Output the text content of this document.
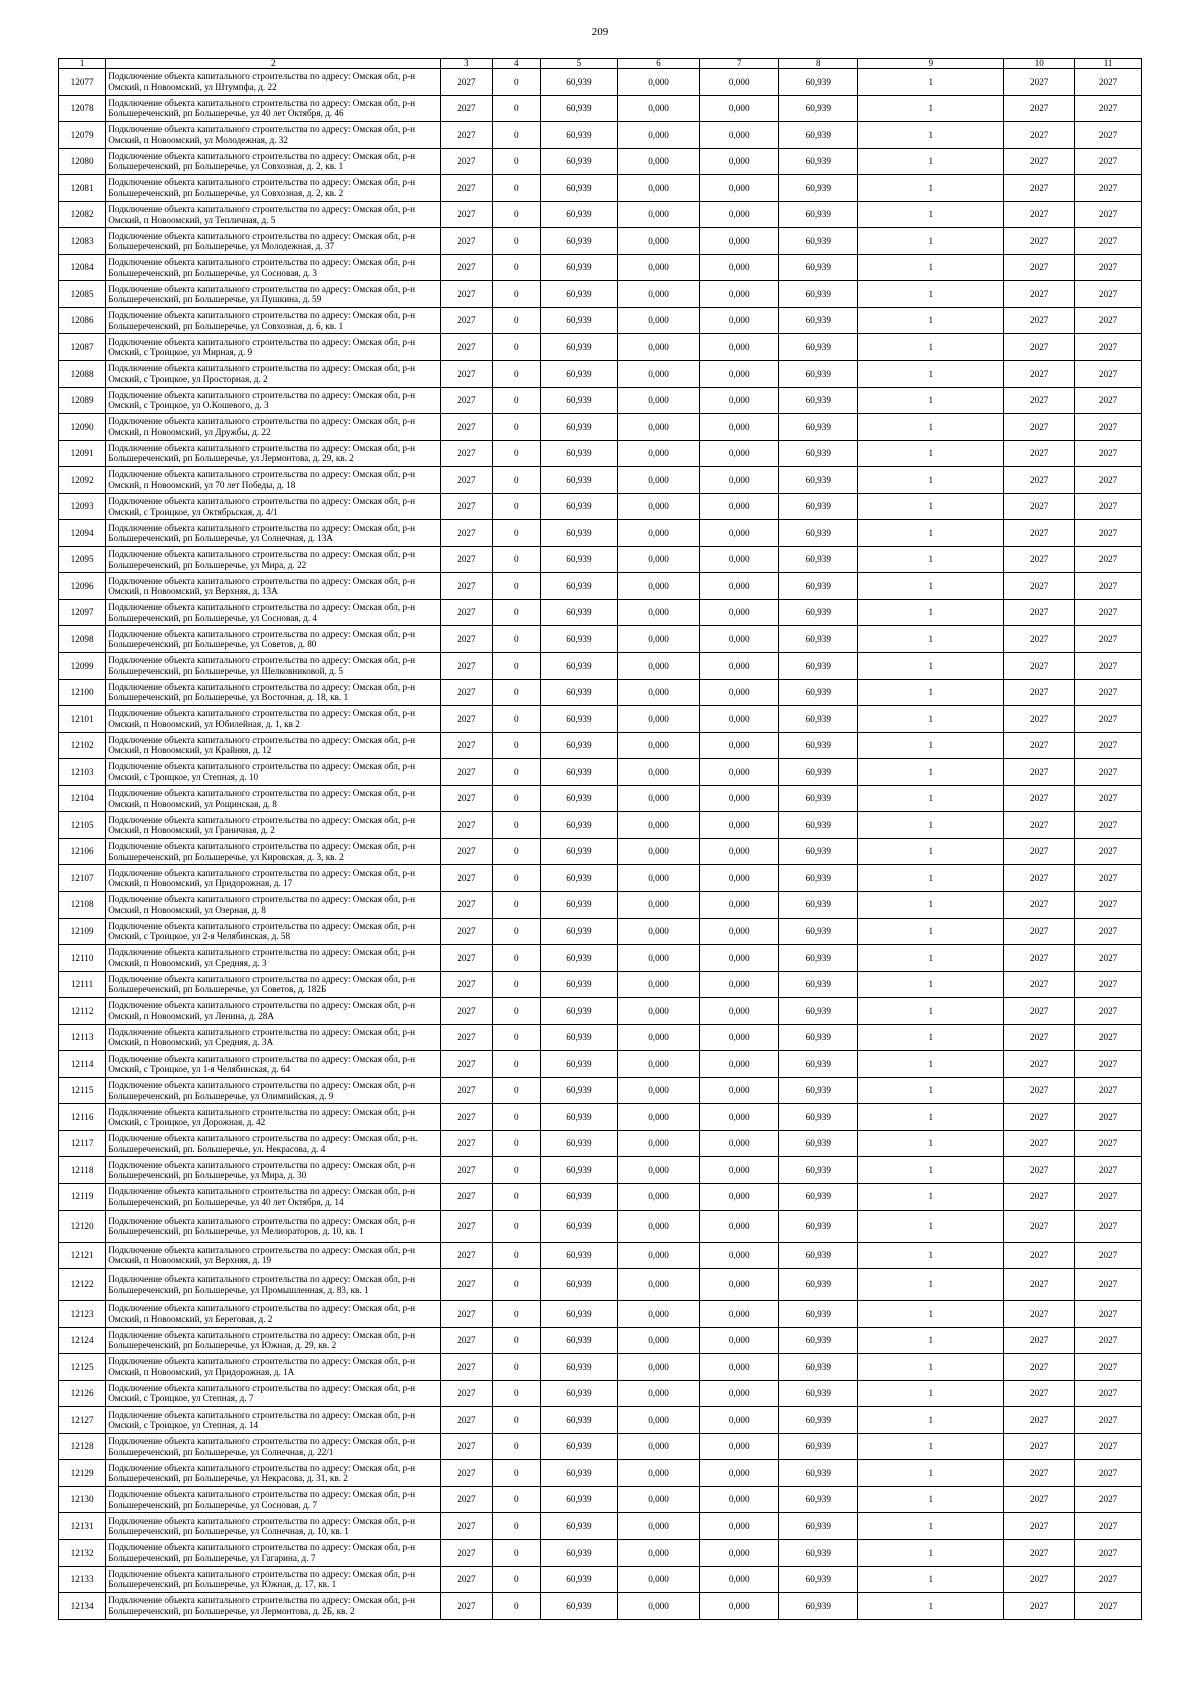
209
1	2	3	4	5	6	7	8	9	10	11
12077	Подключение объекта капитального строительства по адресу: Омская обл, р-н Омский, п Новоомский, ул Штумпфа, д. 22	2027	0	60,939	0,000	0,000	60,939	1	2027	2027
12078	Подключение объекта капитального строительства по адресу: Омская обл, р-н Большереченский, рп Большеречье, ул 40 лет Октября, д. 46	2027	0	60,939	0,000	0,000	60,939	1	2027	2027
12079	Подключение объекта капитального строительства по адресу: Омская обл, р-н Омский, п Новоомский, ул Молодежная, д. 32	2027	0	60,939	0,000	0,000	60,939	1	2027	2027
12080	Подключение объекта капитального строительства по адресу: Омская обл, р-н Большереченский, рп Большеречье, ул Совхозная, д. 2, кв. 1	2027	0	60,939	0,000	0,000	60,939	1	2027	2027
12081	Подключение объекта капитального строительства по адресу: Омская обл, р-н Большереченский, рп Большеречье, ул Совхозная, д. 2, кв. 2	2027	0	60,939	0,000	0,000	60,939	1	2027	2027
12082	Подключение объекта капитального строительства по адресу: Омская обл, р-н Омский, п Новоомский, ул Тепличная, д. 5	2027	0	60,939	0,000	0,000	60,939	1	2027	2027
12083	Подключение объекта капитального строительства по адресу: Омская обл, р-н Большереченский, рп Большеречье, ул Молодежная, д. 37	2027	0	60,939	0,000	0,000	60,939	1	2027	2027
12084	Подключение объекта капитального строительства по адресу: Омская обл, р-н Большереченский, рп Большеречье, ул Сосновая, д. 3	2027	0	60,939	0,000	0,000	60,939	1	2027	2027
12085	Подключение объекта капитального строительства по адресу: Омская обл, р-н Большереченский, рп Большеречье, ул Пушкина, д. 59	2027	0	60,939	0,000	0,000	60,939	1	2027	2027
12086	Подключение объекта капитального строительства по адресу: Омская обл, р-н Большереченский, рп Большеречье, ул Совхозная, д. 6, кв. 1	2027	0	60,939	0,000	0,000	60,939	1	2027	2027
12087	Подключение объекта капитального строительства по адресу: Омская обл, р-н Омский, с Троицкое, ул Мирная, д. 9	2027	0	60,939	0,000	0,000	60,939	1	2027	2027
12088	Подключение объекта капитального строительства по адресу: Омская обл, р-н Омский, с Троицкое, ул Просторная, д. 2	2027	0	60,939	0,000	0,000	60,939	1	2027	2027
12089	Подключение объекта капитального строительства по адресу: Омская обл, р-н Омский, с Троицкое, ул О.Кошевого, д. 3	2027	0	60,939	0,000	0,000	60,939	1	2027	2027
12090	Подключение объекта капитального строительства по адресу: Омская обл, р-н Омский, п Новоомский, ул Дружбы, д. 22	2027	0	60,939	0,000	0,000	60,939	1	2027	2027
12091	Подключение объекта капитального строительства по адресу: Омская обл, р-н Большереченский, рп Большеречье, ул Лермонтова, д. 29, кв. 2	2027	0	60,939	0,000	0,000	60,939	1	2027	2027
12092	Подключение объекта капитального строительства по адресу: Омская обл, р-н Омский, п Новоомский, ул 70 лет Победы, д. 18	2027	0	60,939	0,000	0,000	60,939	1	2027	2027
12093	Подключение объекта капитального строительства по адресу: Омская обл, р-н Омский, с Троицкое, ул Октябрьская, д. 4/1	2027	0	60,939	0,000	0,000	60,939	1	2027	2027
12094	Подключение объекта капитального строительства по адресу: Омская обл, р-н Большереченский, рп Большеречье, ул Солнечная, д. 13А	2027	0	60,939	0,000	0,000	60,939	1	2027	2027
12095	Подключение объекта капитального строительства по адресу: Омская обл, р-н Большереченский, рп Большеречье, ул Мира, д. 22	2027	0	60,939	0,000	0,000	60,939	1	2027	2027
12096	Подключение объекта капитального строительства по адресу: Омская обл, р-н Омский, п Новоомский, ул Верхняя, д. 13А	2027	0	60,939	0,000	0,000	60,939	1	2027	2027
12097	Подключение объекта капитального строительства по адресу: Омская обл, р-н Большереченский, рп Большеречье, ул Сосновая, д. 4	2027	0	60,939	0,000	0,000	60,939	1	2027	2027
12098	Подключение объекта капитального строительства по адресу: Омская обл, р-н Большереченский, рп Большеречье, ул Советов, д. 80	2027	0	60,939	0,000	0,000	60,939	1	2027	2027
12099	Подключение объекта капитального строительства по адресу: Омская обл, р-н Большереченский, рп Большеречье, ул Шелковниковой, д. 5	2027	0	60,939	0,000	0,000	60,939	1	2027	2027
12100	Подключение объекта капитального строительства по адресу: Омская обл, р-н Большереченский, рп Большеречье, ул Восточная, д. 18, кв. 1	2027	0	60,939	0,000	0,000	60,939	1	2027	2027
12101	Подключение объекта капитального строительства по адресу: Омская обл, р-н Омский, п Новоомский, ул Юбилейная, д. 1, кв 2	2027	0	60,939	0,000	0,000	60,939	1	2027	2027
12102	Подключение объекта капитального строительства по адресу: Омская обл, р-н Омский, п Новоомский, ул Крайняя, д. 12	2027	0	60,939	0,000	0,000	60,939	1	2027	2027
12103	Подключение объекта капитального строительства по адресу: Омская обл, р-н Омский, с Троицкое, ул Степная, д. 10	2027	0	60,939	0,000	0,000	60,939	1	2027	2027
12104	Подключение объекта капитального строительства по адресу: Омская обл, р-н Омский, п Новоомский, ул Рощинская, д. 8	2027	0	60,939	0,000	0,000	60,939	1	2027	2027
12105	Подключение объекта капитального строительства по адресу: Омская обл, р-н Омский, п Новоомский, ул Граничная, д. 2	2027	0	60,939	0,000	0,000	60,939	1	2027	2027
12106	Подключение объекта капитального строительства по адресу: Омская обл, р-н Большереченский, рп Большеречье, ул Кировская, д. 3, кв. 2	2027	0	60,939	0,000	0,000	60,939	1	2027	2027
12107	Подключение объекта капитального строительства по адресу: Омская обл, р-н Омский, п Новоомский, ул Придорожная, д. 17	2027	0	60,939	0,000	0,000	60,939	1	2027	2027
12108	Подключение объекта капитального строительства по адресу: Омская обл, р-н Омский, п Новоомский, ул Озерная, д. 8	2027	0	60,939	0,000	0,000	60,939	1	2027	2027
12109	Подключение объекта капитального строительства по адресу: Омская обл, р-н Омский, с Троицкое, ул 2-я Челябинская, д. 58	2027	0	60,939	0,000	0,000	60,939	1	2027	2027
12110	Подключение объекта капитального строительства по адресу: Омская обл, р-н Омский, п Новоомский, ул Средняя, д. 3	2027	0	60,939	0,000	0,000	60,939	1	2027	2027
12111	Подключение объекта капитального строительства по адресу: Омская обл, р-н Большереченский, рп Большеречье, ул Советов, д. 182Б	2027	0	60,939	0,000	0,000	60,939	1	2027	2027
12112	Подключение объекта капитального строительства по адресу: Омская обл, р-н Омский, п Новоомский, ул Ленина, д. 28А	2027	0	60,939	0,000	0,000	60,939	1	2027	2027
12113	Подключение объекта капитального строительства по адресу: Омская обл, р-н Омский, п Новоомский, ул Средняя, д. 3А	2027	0	60,939	0,000	0,000	60,939	1	2027	2027
12114	Подключение объекта капитального строительства по адресу: Омская обл, р-н Омский, с Троицкое, ул 1-я Челябинская, д. 64	2027	0	60,939	0,000	0,000	60,939	1	2027	2027
12115	Подключение объекта капитального строительства по адресу: Омская обл, р-н Большереченский, рп Большеречье, ул Олимпийская, д. 9	2027	0	60,939	0,000	0,000	60,939	1	2027	2027
12116	Подключение объекта капитального строительства по адресу: Омская обл, р-н Омский, с Троицкое, ул Дорожная, д. 42	2027	0	60,939	0,000	0,000	60,939	1	2027	2027
12117	Подключение объекта капитального строительства по адресу: Омская обл, р-н. Большереченский, рп. Большеречье, ул. Некрасова, д. 4	2027	0	60,939	0,000	0,000	60,939	1	2027	2027
12118	Подключение объекта капитального строительства по адресу: Омская обл, р-н Большереченский, рп Большеречье, ул Мира, д. 30	2027	0	60,939	0,000	0,000	60,939	1	2027	2027
12119	Подключение объекта капитального строительства по адресу: Омская обл, р-н Большереченский, рп Большеречье, ул 40 лет Октября, д. 14	2027	0	60,939	0,000	0,000	60,939	1	2027	2027
12120	Подключение объекта капитального строительства по адресу: Омская обл, р-н Большереченский, рп Большеречье, ул Мелиораторов, д. 10, кв. 1	2027	0	60,939	0,000	0,000	60,939	1	2027	2027
12121	Подключение объекта капитального строительства по адресу: Омская обл, р-н Омский, п Новоомский, ул Верхняя, д. 19	2027	0	60,939	0,000	0,000	60,939	1	2027	2027
12122	Подключение объекта капитального строительства по адресу: Омская обл, р-н Большереченский, рп Большеречье, ул Промышленная, д. 83, кв. 1	2027	0	60,939	0,000	0,000	60,939	1	2027	2027
12123	Подключение объекта капитального строительства по адресу: Омская обл, р-н Омский, п Новоомский, ул Береговая, д. 2	2027	0	60,939	0,000	0,000	60,939	1	2027	2027
12124	Подключение объекта капитального строительства по адресу: Омская обл, р-н Большереченский, рп Большеречье, ул Южная, д. 29, кв. 2	2027	0	60,939	0,000	0,000	60,939	1	2027	2027
12125	Подключение объекта капитального строительства по адресу: Омская обл, р-н Омский, п Новоомский, ул Придорожная, д. 1А	2027	0	60,939	0,000	0,000	60,939	1	2027	2027
12126	Подключение объекта капитального строительства по адресу: Омская обл, р-н Омский, с Троицкое, ул Степная, д. 7	2027	0	60,939	0,000	0,000	60,939	1	2027	2027
12127	Подключение объекта капитального строительства по адресу: Омская обл, р-н Омский, с Троицкое, ул Степная, д. 14	2027	0	60,939	0,000	0,000	60,939	1	2027	2027
12128	Подключение объекта капитального строительства по адресу: Омская обл, р-н Большереченский, рп Большеречье, ул Солнечная, д. 22/1	2027	0	60,939	0,000	0,000	60,939	1	2027	2027
12129	Подключение объекта капитального строительства по адресу: Омская обл, р-н Большереченский, рп Большеречье, ул Некрасова, д. 31, кв. 2	2027	0	60,939	0,000	0,000	60,939	1	2027	2027
12130	Подключение объекта капитального строительства по адресу: Омская обл, р-н Большереченский, рп Большеречье, ул Сосновая, д. 7	2027	0	60,939	0,000	0,000	60,939	1	2027	2027
12131	Подключение объекта капитального строительства по адресу: Омская обл, р-н Большереченский, рп Большеречье, ул Солнечная, д. 10, кв. 1	2027	0	60,939	0,000	0,000	60,939	1	2027	2027
12132	Подключение объекта капитального строительства по адресу: Омская обл, р-н Большереченский, рп Большеречье, ул Гагарина, д. 7	2027	0	60,939	0,000	0,000	60,939	1	2027	2027
12133	Подключение объекта капитального строительства по адресу: Омская обл, р-н Большереченский, рп Большеречье, ул Южная, д. 17, кв. 1	2027	0	60,939	0,000	0,000	60,939	1	2027	2027
12134	Подключение объекта капитального строительства по адресу: Омская обл, р-н Большереченский, рп Большеречье, ул Лермонтова, д. 2Б, кв. 2	2027	0	60,939	0,000	0,000	60,939	1	2027	2027
